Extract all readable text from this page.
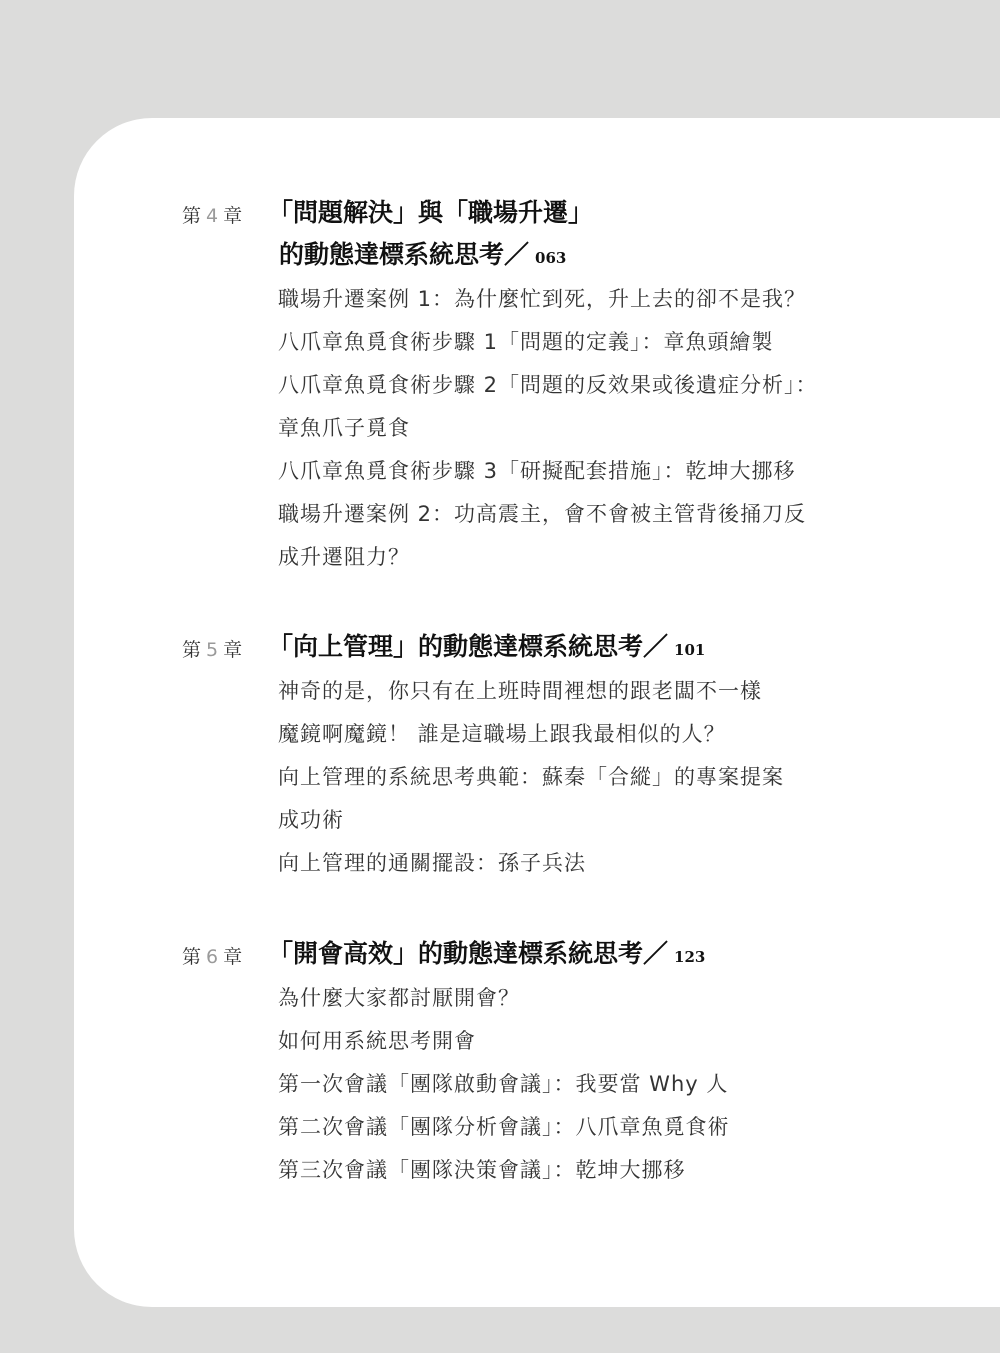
第 4 章 「問題解決」與「職場升遷」
的動態達標系統思考／ 063
職場升遷案例 1：為什麼忙到死，升上去的卻不是我？
八爪章魚覓食術步驟 1「問題的定義」：章魚頭繪製
八爪章魚覓食術步驟 2「問題的反效果或後遺症分析」：
章魚爪子覓食
八爪章魚覓食術步驟 3「研擬配套措施」：乾坤大挪移
職場升遷案例 2：功高震主，會不會被主管背後捅刀反
成升遷阻力？
第 5 章 「向上管理」的動態達標系統思考／ 101
神奇的是，你只有在上班時間裡想的跟老闆不一樣
魔鏡啊魔鏡！ 誰是這職場上跟我最相似的人？
向上管理的系統思考典範：蘇秦「合縱」的專案提案
成功術
向上管理的通關擺設：孫子兵法
第 6 章 「開會高效」的動態達標系統思考／ 123
為什麼大家都討厭開會？
如何用系統思考開會
第一次會議「團隊啟動會議」：我要當 Why 人
第二次會議「團隊分析會議」：八爪章魚覓食術
第三次會議「團隊決策會議」：乾坤大挪移
